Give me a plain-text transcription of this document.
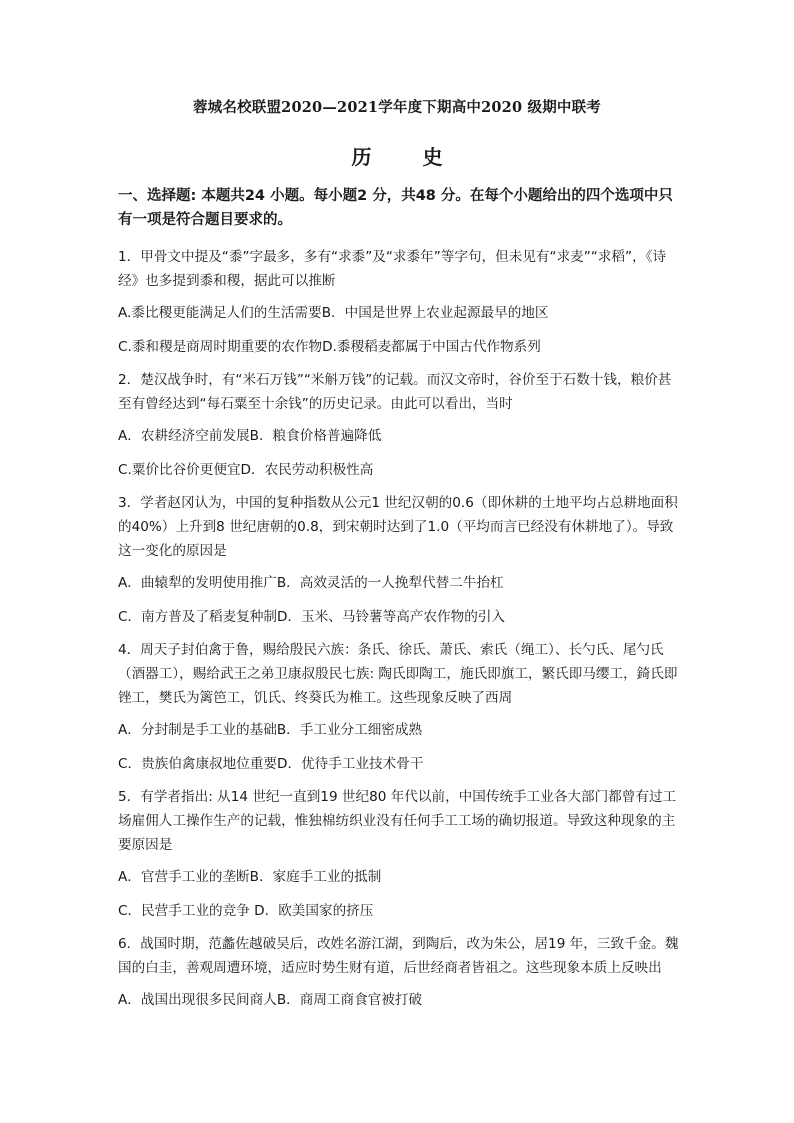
蓉城名校联盟2020—2021学年度下期高中2020 级期中联考
历 史

一、选择题: 本题共24 小题。每小题2 分，共48 分。在每个小题给出的四个选项中只有一项是符合题目要求的。

1．甲骨文中提及“黍”字最多，多有“求黍”及“求黍年”等字句，但未见有“求麦”“求稻”，《诗经》也多提到黍和稷，据此可以推断

A.黍比稷更能满足人们的生活需要B．中国是世界上农业起源最早的地区

C.黍和稷是商周时期重要的农作物D.黍稷稻麦都属于中国古代作物系列

2．楚汉战争时，有“米石万钱”“米斛万钱”的记载。而汉文帝时，谷价至于石数十钱，粮价甚至有曾经达到“每石粟至十余钱”的历史记录。由此可以看出，当时

A．农耕经济空前发展B．粮食价格普遍降低

C.粟价比谷价更便宜D．农民劳动积极性高

3．学者赵冈认为，中国的复种指数从公元1 世纪汉朝的0.6（即休耕的土地平均占总耕地面积的40%）上升到8 世纪唐朝的0.8，到宋朝时达到了1.0（平均而言已经没有休耕地了）。导致这一变化的原因是

A．曲辕犁的发明使用推广B．高效灵活的一人挽犁代替二牛抬杠

C．南方普及了稻麦复种制D．玉米、马铃薯等高产农作物的引入

4．周天子封伯禽于鲁，赐给殷民六族：条氏、徐氏、萧氏、索氏（绳工）、长勺氏、尾勺氏（酒器工），赐给武王之弟卫康叔殷民七族: 陶氏即陶工，施氏即旗工，繁氏即马缨工，錡氏即锉工，樊氏为篱笆工，饥氏、终葵氏为椎工。这些现象反映了西周

A．分封制是手工业的基础B．手工业分工细密成熟

C．贵族伯禽康叔地位重要D．优待手工业技术骨干

5．有学者指出: 从14 世纪一直到19 世纪80 年代以前，中国传统手工业各大部门都曾有过工场雇佣人工操作生产的记载，惟独棉纺织业没有任何手工工场的确切报道。导致这种现象的主要原因是

A．官营手工业的垄断B．家庭手工业的抵制

C．民营手工业的竞争 D．欧美国家的挤压

6．战国时期，范蠡佐越破吴后，改姓名游江湖，到陶后，改为朱公，居19 年，三致千金。魏国的白圭，善观周遭环境，适应时势生财有道，后世经商者皆祖之。这些现象本质上反映出

A．战国出现很多民间商人B．商周工商食官被打破
